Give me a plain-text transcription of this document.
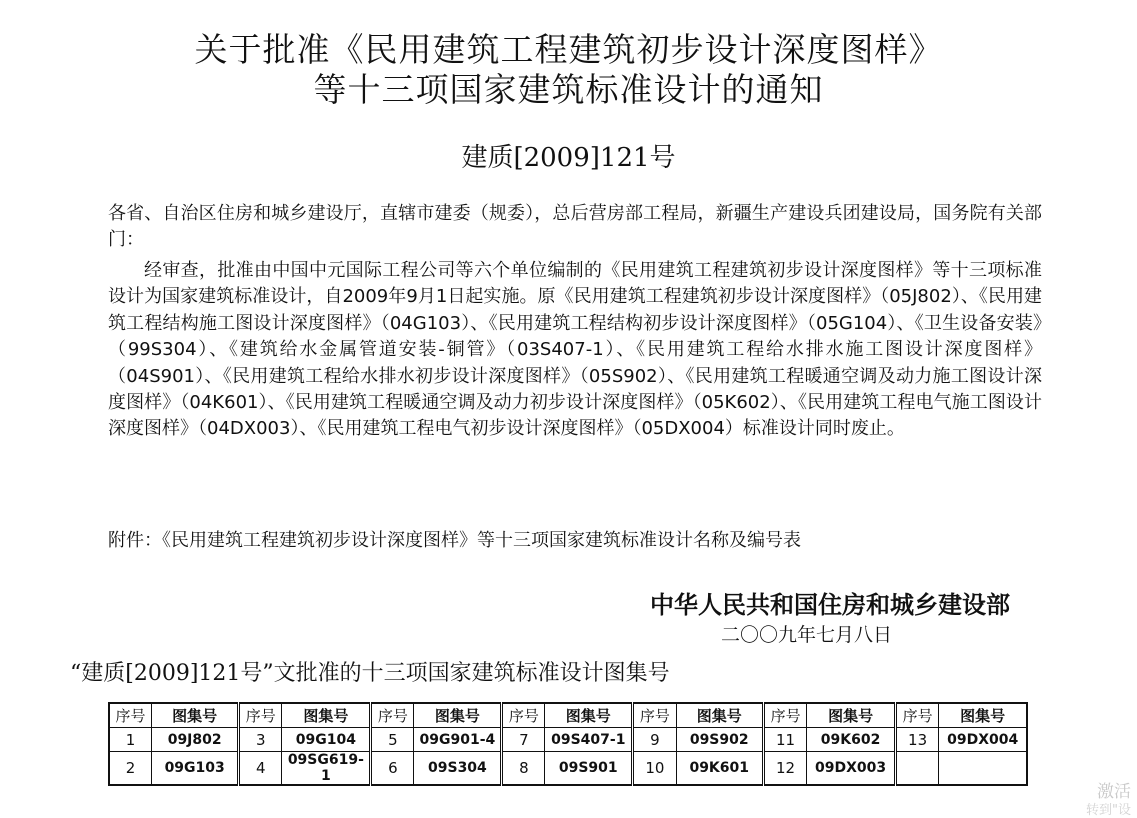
关于批准《民用建筑工程建筑初步设计深度图样》
等十三项国家建筑标准设计的通知
建质[2009]121号
各省、自治区住房和城乡建设厅，直辖市建委（规委），总后营房部工程局，新疆生产建设兵团建设局，国务院有关部门：
经审查，批准由中国中元国际工程公司等六个单位编制的《民用建筑工程建筑初步设计深度图样》等十三项标准设计为国家建筑标准设计，自2009年9月1日起实施。原《民用建筑工程建筑初步设计深度图样》（05J802）、《民用建筑工程结构施工图设计深度图样》（04G103）、《民用建筑工程结构初步设计深度图样》（05G104）、《卫生设备安装》（99S304）、《建筑给水金属管道安装-铜管》（03S407-1）、《民用建筑工程给水排水施工图设计深度图样》（04S901）、《民用建筑工程给水排水初步设计深度图样》（05S902）、《民用建筑工程暖通空调及动力施工图设计深度图样》（04K601）、《民用建筑工程暖通空调及动力初步设计深度图样》（05K602）、《民用建筑工程电气施工图设计深度图样》（04DX003）、《民用建筑工程电气初步设计深度图样》（05DX004）标准设计同时废止。
附件：《民用建筑工程建筑初步设计深度图样》等十三项国家建筑标准设计名称及编号表
中华人民共和国住房和城乡建设部
二〇〇九年七月八日
“建质[2009]121号”文批准的十三项国家建筑标准设计图集号
序号	图集号	序号	图集号	序号	图集号	序号	图集号	序号	图集号	序号	图集号	序号	图集号
1	09J802	3	09G104	5	09G901-4	7	09S407-1	9	09S902	11	09K602	13	09DX004
2	09G103	4	09SG619-1	6	09S304	8	09S901	10	09K601	12	09DX003		
激活
转到"设
